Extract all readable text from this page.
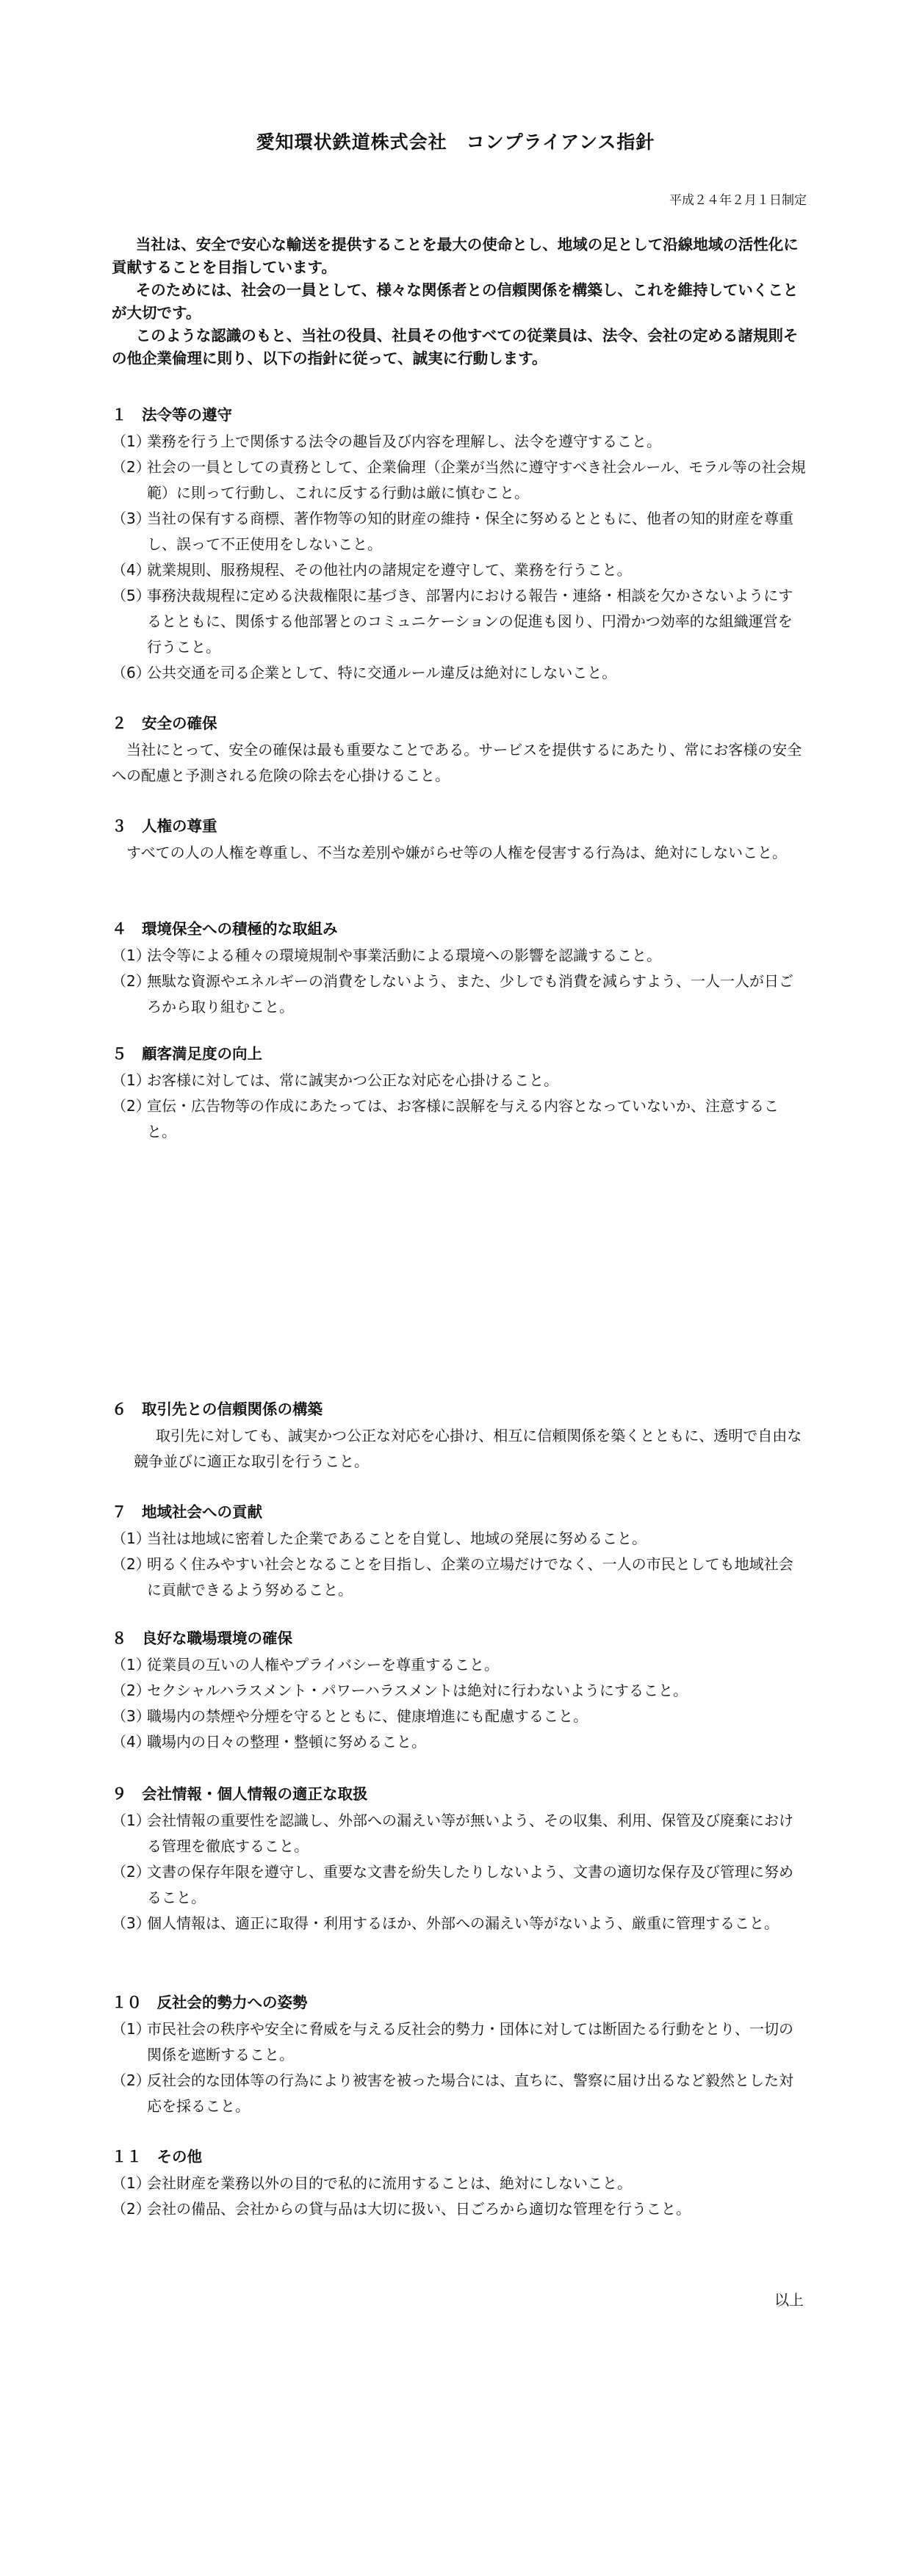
愛知環状鉄道株式会社　コンプライアンス指針
平成２４年２月１日制定

当社は、安全で安心な輸送を提供することを最大の使命とし、地域の足として沿線地域の活性化に貢献することを目指しています。

そのためには、社会の一員として、様々な関係者との信頼関係を構築し、これを維持していくことが大切です。

このような認識のもと、当社の役員、社員その他すべての従業員は、法令、会社の定める諸規則その他企業倫理に則り、以下の指針に従って、誠実に行動します。

１　法令等の遵守
（1）
業務を行う上で関係する法令の趣旨及び内容を理解し、法令を遵守すること。
（2）
社会の一員としての責務として、企業倫理（企業が当然に遵守すべき社会ルール、モラル等の社会規範）に則って行動し、これに反する行動は厳に慎むこと。
（3）
当社の保有する商標、著作物等の知的財産の維持・保全に努めるとともに、他者の知的財産を尊重し、誤って不正使用をしないこと。
（4）
就業規則、服務規程、その他社内の諸規定を遵守して、業務を行うこと。
（5）
事務決裁規程に定める決裁権限に基づき、部署内における報告・連絡・相談を欠かさないようにするとともに、関係する他部署とのコミュニケーションの促進も図り、円滑かつ効率的な組織運営を行うこと。
（6）
公共交通を司る企業として、特に交通ルール違反は絶対にしないこと。
２　安全の確保

当社にとって、安全の確保は最も重要なことである。サービスを提供するにあたり、常にお客様の安全への配慮と予測される危険の除去を心掛けること。

３　人権の尊重

すべての人の人権を尊重し、不当な差別や嫌がらせ等の人権を侵害する行為は、絶対にしないこと。

４　環境保全への積極的な取組み
（1）
法令等による種々の環境規制や事業活動による環境への影響を認識すること。
（2）
無駄な資源やエネルギーの消費をしないよう、また、少しでも消費を減らすよう、一人一人が日ごろから取り組むこと。
５　顧客満足度の向上
（1）
お客様に対しては、常に誠実かつ公正な対応を心掛けること。
（2）
宣伝・広告物等の作成にあたっては、お客様に誤解を与える内容となっていないか、注意すること。
６　取引先との信頼関係の構築

取引先に対しても、誠実かつ公正な対応を心掛け、相互に信頼関係を築くとともに、透明で自由な競争並びに適正な取引を行うこと。

７　地域社会への貢献
（1）
当社は地域に密着した企業であることを自覚し、地域の発展に努めること。
（2）
明るく住みやすい社会となることを目指し、企業の立場だけでなく、一人の市民としても地域社会に貢献できるよう努めること。
８　良好な職場環境の確保
（1）
従業員の互いの人権やプライバシーを尊重すること。
（2）
セクシャルハラスメント・パワーハラスメントは絶対に行わないようにすること。
（3）
職場内の禁煙や分煙を守るとともに、健康増進にも配慮すること。
（4）
職場内の日々の整理・整頓に努めること。
９　会社情報・個人情報の適正な取扱
（1）
会社情報の重要性を認識し、外部への漏えい等が無いよう、その収集、利用、保管及び廃棄における管理を徹底すること。
（2）
文書の保存年限を遵守し、重要な文書を紛失したりしないよう、文書の適切な保存及び管理に努めること。
（3）
個人情報は、適正に取得・利用するほか、外部への漏えい等がないよう、厳重に管理すること。
１０　反社会的勢力への姿勢
（1）
市民社会の秩序や安全に脅威を与える反社会的勢力・団体に対しては断固たる行動をとり、一切の関係を遮断すること。
（2）
反社会的な団体等の行為により被害を被った場合には、直ちに、警察に届け出るなど毅然とした対応を採ること。
１１　その他
（1）
会社財産を業務以外の目的で私的に流用することは、絶対にしないこと。
（2）
会社の備品、会社からの貸与品は大切に扱い、日ごろから適切な管理を行うこと。
以上
